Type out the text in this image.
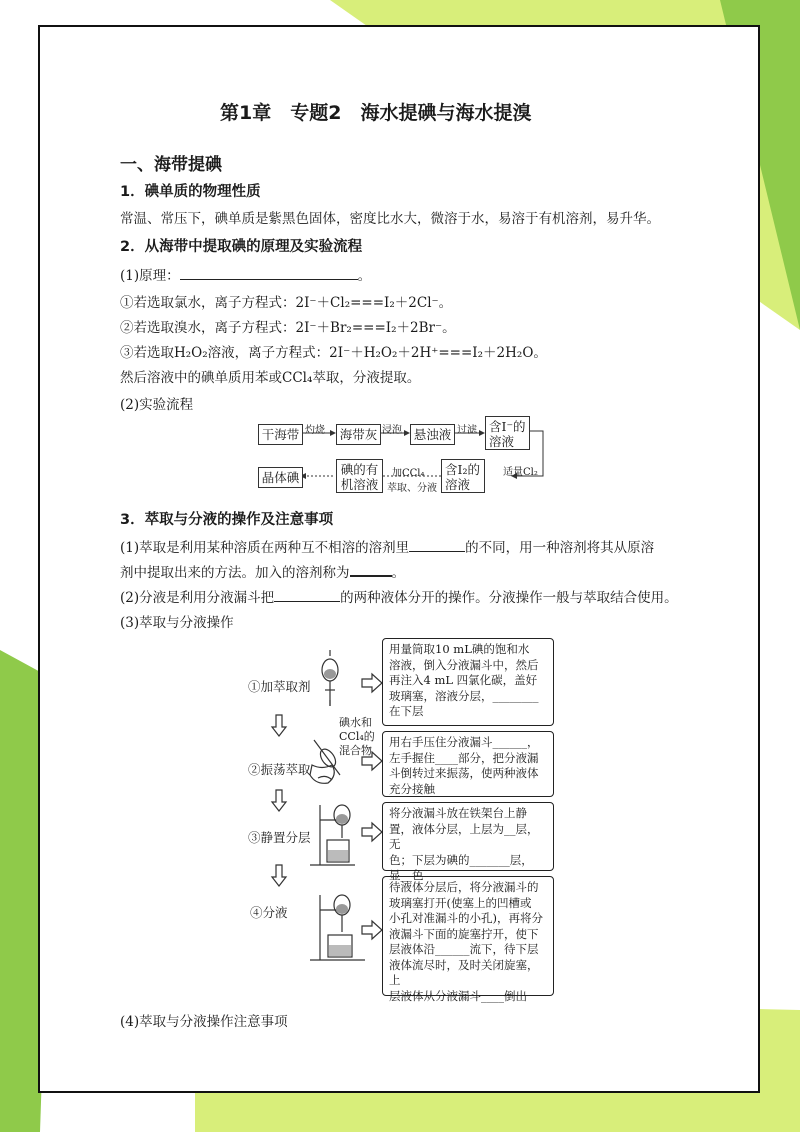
第1章　专题2　海水提碘与海水提溴
一、海带提碘
1．碘单质的物理性质
常温、常压下，碘单质是紫黑色固体，密度比水大，微溶于水，易溶于有机溶剂，易升华。
2．从海带中提取碘的原理及实验流程
(1)原理：	。
①若选取氯水，离子方程式：2I⁻＋Cl₂===I₂＋2Cl⁻。
②若选取溴水，离子方程式：2I⁻＋Br₂===I₂＋2Br⁻。
③若选取H₂O₂溶液，离子方程式：2I⁻＋H₂O₂＋2H⁺===I₂＋2H₂O。
然后溶液中的碘单质用苯或CCl₄萃取，分液提取。
(2)实验流程
干海带	海带灰	悬浊液
含I⁻的
溶液
含I₂的
溶液
碘的有
机溶液
晶体碘
灼烧	浸泡	过滤
适量Cl₂
加CCl₄
萃取、分液
3．萃取与分液的操作及注意事项
(1)萃取是利用某种溶质在两种互不相溶的溶剂里	的不同，用一种溶剂将其从原溶
剂中提取出来的方法。加入的溶剂称为	。
(2)分液是利用分液漏斗把	的两种液体分开的操作。分液操作一般与萃取结合使用。
(3)萃取与分液操作
①加萃取剂
②振荡萃取
③静置分层
④分液
碘水和
CCl₄的
混合物
用量筒取10 mL碘的饱和水
溶液，倒入分液漏斗中，然后
再注入4 mL 四氯化碳，盖好
玻璃塞，溶液分层，________
在下层
用右手压住分液漏斗______，
左手握住____部分，把分液漏
斗倒转过来振荡，使两种液体
充分接触
将分液漏斗放在铁架台上静
置，液体分层，上层为__层，无
色；下层为碘的_______层，
显__色
待液体分层后，将分液漏斗的
玻璃塞打开(使塞上的凹槽或
小孔对准漏斗的小孔)，再将分
液漏斗下面的旋塞拧开，使下
层液体沿______流下，待下层
液体流尽时，及时关闭旋塞，上
层液体从分液漏斗____倒出
(4)萃取与分液操作注意事项
